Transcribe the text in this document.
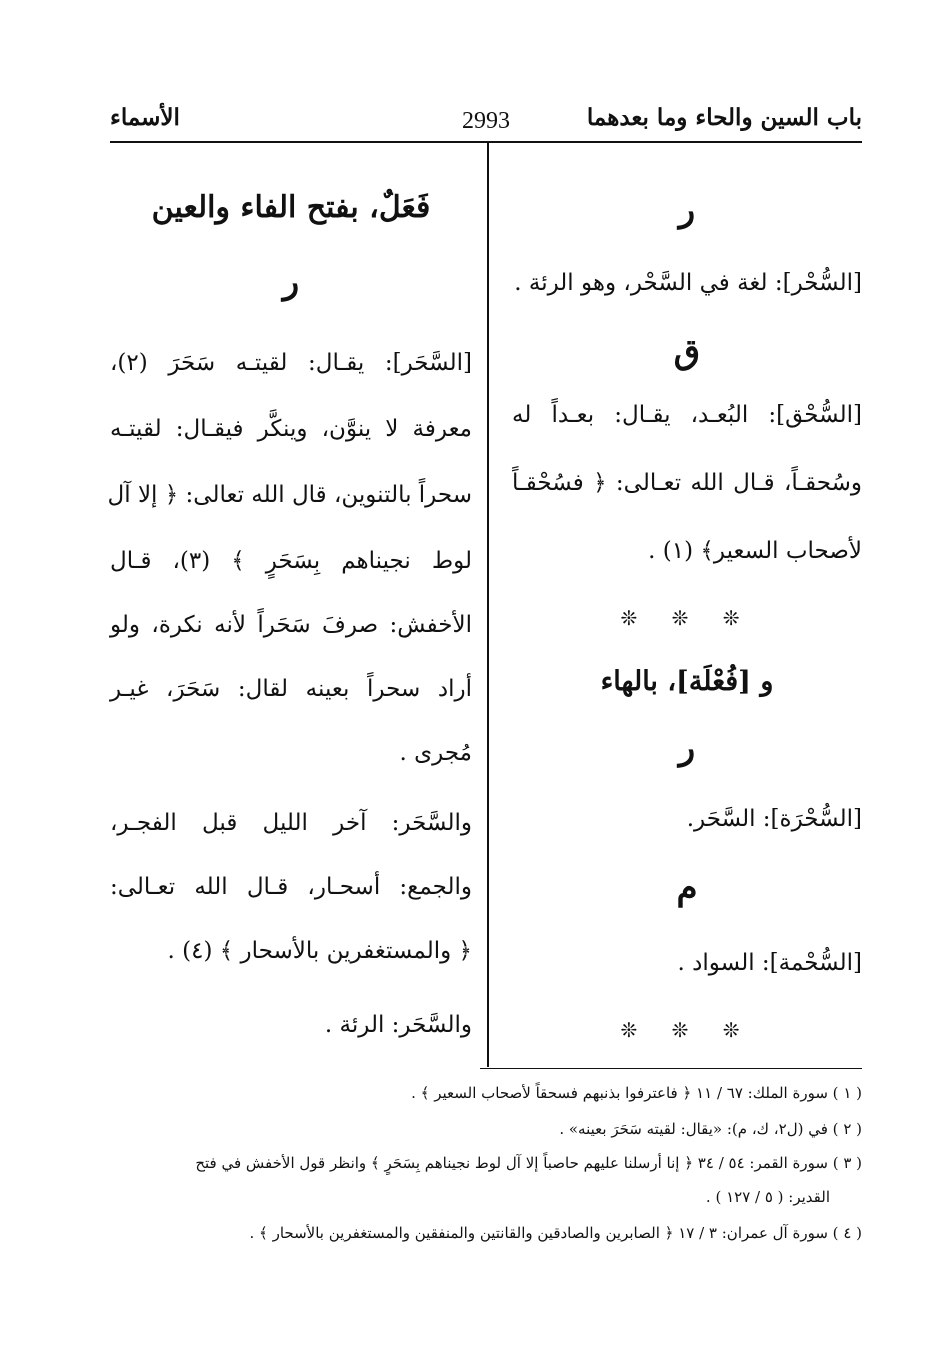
باب السين والحاء وما بعدهما
2993
الأسماء
ر
[السُّحْر]: لغة في السَّحْر، وهو الرئة .
ق
[السُّحْق]: البُعـد، يقـال: بعـداً له
وسُحقـاً، قـال الله تعـالى: ﴿ فسُحْقـاً
لأصحاب السعير﴾ (١) .
❊ ❊ ❊
و [فُعْلَة]، بالهاء
ر
[السُّحْرَة]: السَّحَر.
م
[السُّحْمة]: السواد .
❊ ❊ ❊
فَعَلٌ، بفتح الفاء والعين
ر
[السَّحَر]: يقـال: لقيتـه سَحَرَ (٢)،
معرفة لا ينوَّن، وينكَّر فيقـال: لقيتـه
سحراً بالتنوين، قال الله تعالى: ﴿ إلا آل
لوط نجيناهم بِسَحَرٍ ﴾ (٣)، قـال
الأخفش: صرفَ سَحَراً لأنه نكرة، ولو
أراد سحراً بعينه لقال: سَحَرَ، غيـر
مُجرى .
والسَّحَر: آخر الليل قبل الفجـر،
والجمع: أسحـار، قـال الله تعـالى:
﴿ والمستغفرين بالأسحار ﴾ (٤) .
والسَّحَر: الرئة .
( ١ ) سورة الملك: ٦٧ / ١١ ﴿ فاعترفوا بذنبهم فسحقاً لأصحاب السعير ﴾ .
( ٢ ) في (ل٢، ك، م): «يقال: لقيته سَحَرَ بعينه» .
( ٣ ) سورة القمر: ٥٤ / ٣٤ ﴿ إنا أرسلنا عليهم حاصباً إلا آل لوط نجيناهم بِسَحَرٍ ﴾ وانظر قول الأخفش في فتح
القدير: ( ٥ / ١٢٧ ) .
( ٤ ) سورة آل عمران: ٣ / ١٧ ﴿ الصابرين والصادقين والقانتين والمنفقين والمستغفرين بالأسحار ﴾ .
